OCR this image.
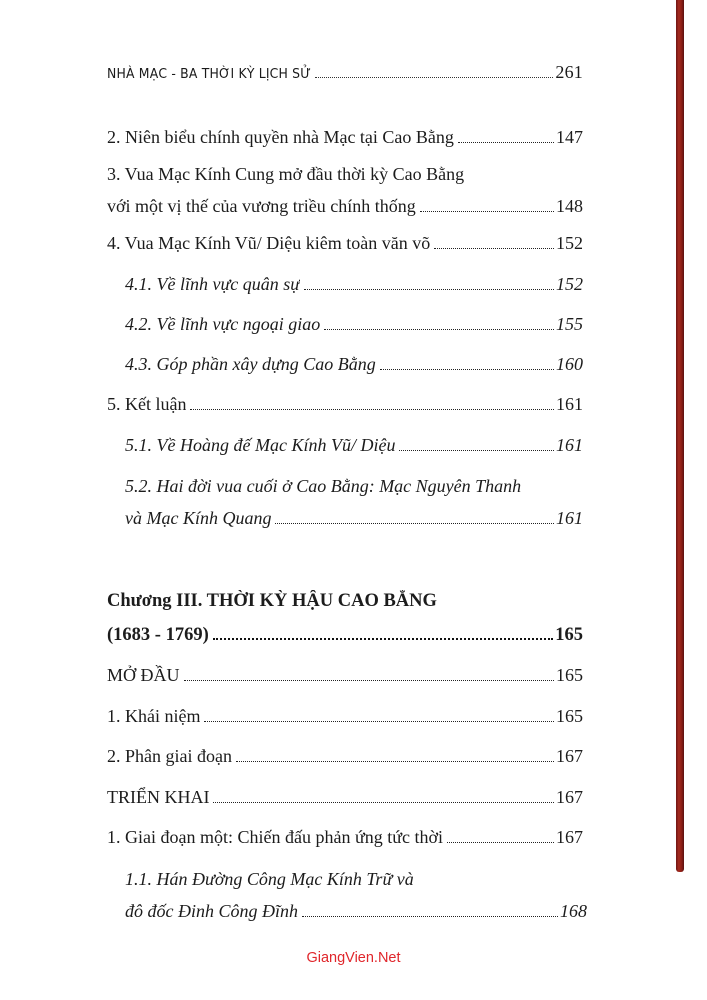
NHÀ MẠC - BA THỜI KỲ LỊCH SỬ	261
2. Niên biểu chính quyền nhà Mạc tại Cao Bằng	147
3. Vua Mạc Kính Cung mở đầu thời kỳ Cao Bằng
với một vị thế của vương triều chính thống	148
4. Vua Mạc Kính Vũ/ Diệu kiêm toàn văn võ	152
4.1. Về lĩnh vực quân sự	152
4.2. Về lĩnh vực ngoại giao	155
4.3. Góp phần xây dựng Cao Bằng	160
5. Kết luận	161
5.1. Về Hoàng đế Mạc Kính Vũ/ Diệu	161
5.2. Hai đời vua cuối ở Cao Bằng: Mạc Nguyên Thanh
và Mạc Kính Quang	161
Chương III. THỜI KỲ HẬU CAO BẰNG
(1683 - 1769)	165
MỞ ĐẦU	165
1. Khái niệm	165
2. Phân giai đoạn	167
TRIỂN KHAI	167
1. Giai đoạn một: Chiến đấu phản ứng tức thời	167
1.1. Hán Đường Công Mạc Kính Trữ và
đô đốc Đinh Công Đĩnh	168
GiangVien.Net
